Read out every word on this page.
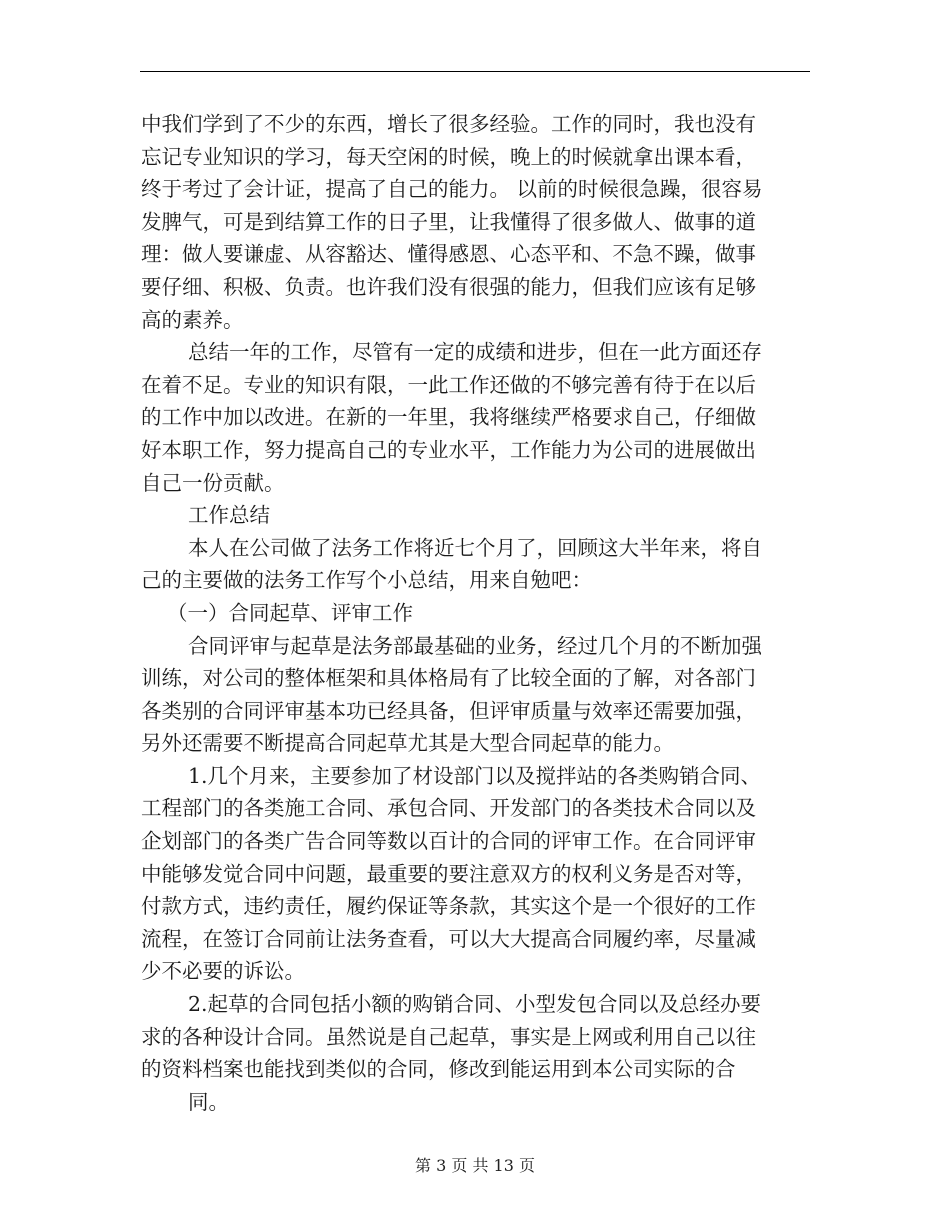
中我们学到了不少的东西，增长了很多经验。工作的同时，我也没有
忘记专业知识的学习，每天空闲的时候，晚上的时候就拿出课本看，
终于考过了会计证，提高了自己的能力。 以前的时候很急躁，很容易
发脾气，可是到结算工作的日子里，让我懂得了很多做人、做事的道
理：做人要谦虚、从容豁达、懂得感恩、心态平和、不急不躁，做事
要仔细、积极、负责。也许我们没有很强的能力，但我们应该有足够
高的素养。
总结一年的工作，尽管有一定的成绩和进步，但在一此方面还存
在着不足。专业的知识有限，一此工作还做的不够完善有待于在以后
的工作中加以改进。在新的一年里，我将继续严格要求自己，仔细做
好本职工作，努力提高自己的专业水平，工作能力为公司的进展做出
自己一份贡献。
工作总结
本人在公司做了法务工作将近七个月了，回顾这大半年来，将自
己的主要做的法务工作写个小总结，用来自勉吧：
（一）合同起草、评审工作
合同评审与起草是法务部最基础的业务，经过几个月的不断加强
训练，对公司的整体框架和具体格局有了比较全面的了解，对各部门
各类别的合同评审基本功已经具备，但评审质量与效率还需要加强，
另外还需要不断提高合同起草尤其是大型合同起草的能力。
1.几个月来，主要参加了材设部门以及搅拌站的各类购销合同、
工程部门的各类施工合同、承包合同、开发部门的各类技术合同以及
企划部门的各类广告合同等数以百计的合同的评审工作。在合同评审
中能够发觉合同中问题，最重要的要注意双方的权利义务是否对等，
付款方式，违约责任，履约保证等条款，其实这个是一个很好的工作
流程，在签订合同前让法务查看，可以大大提高合同履约率，尽量减
少不必要的诉讼。
2.起草的合同包括小额的购销合同、小型发包合同以及总经办要
求的各种设计合同。虽然说是自己起草，事实是上网或利用自己以往
的资料档案也能找到类似的合同，修改到能运用到本公司实际的合
同。
第 3 页 共 13 页
